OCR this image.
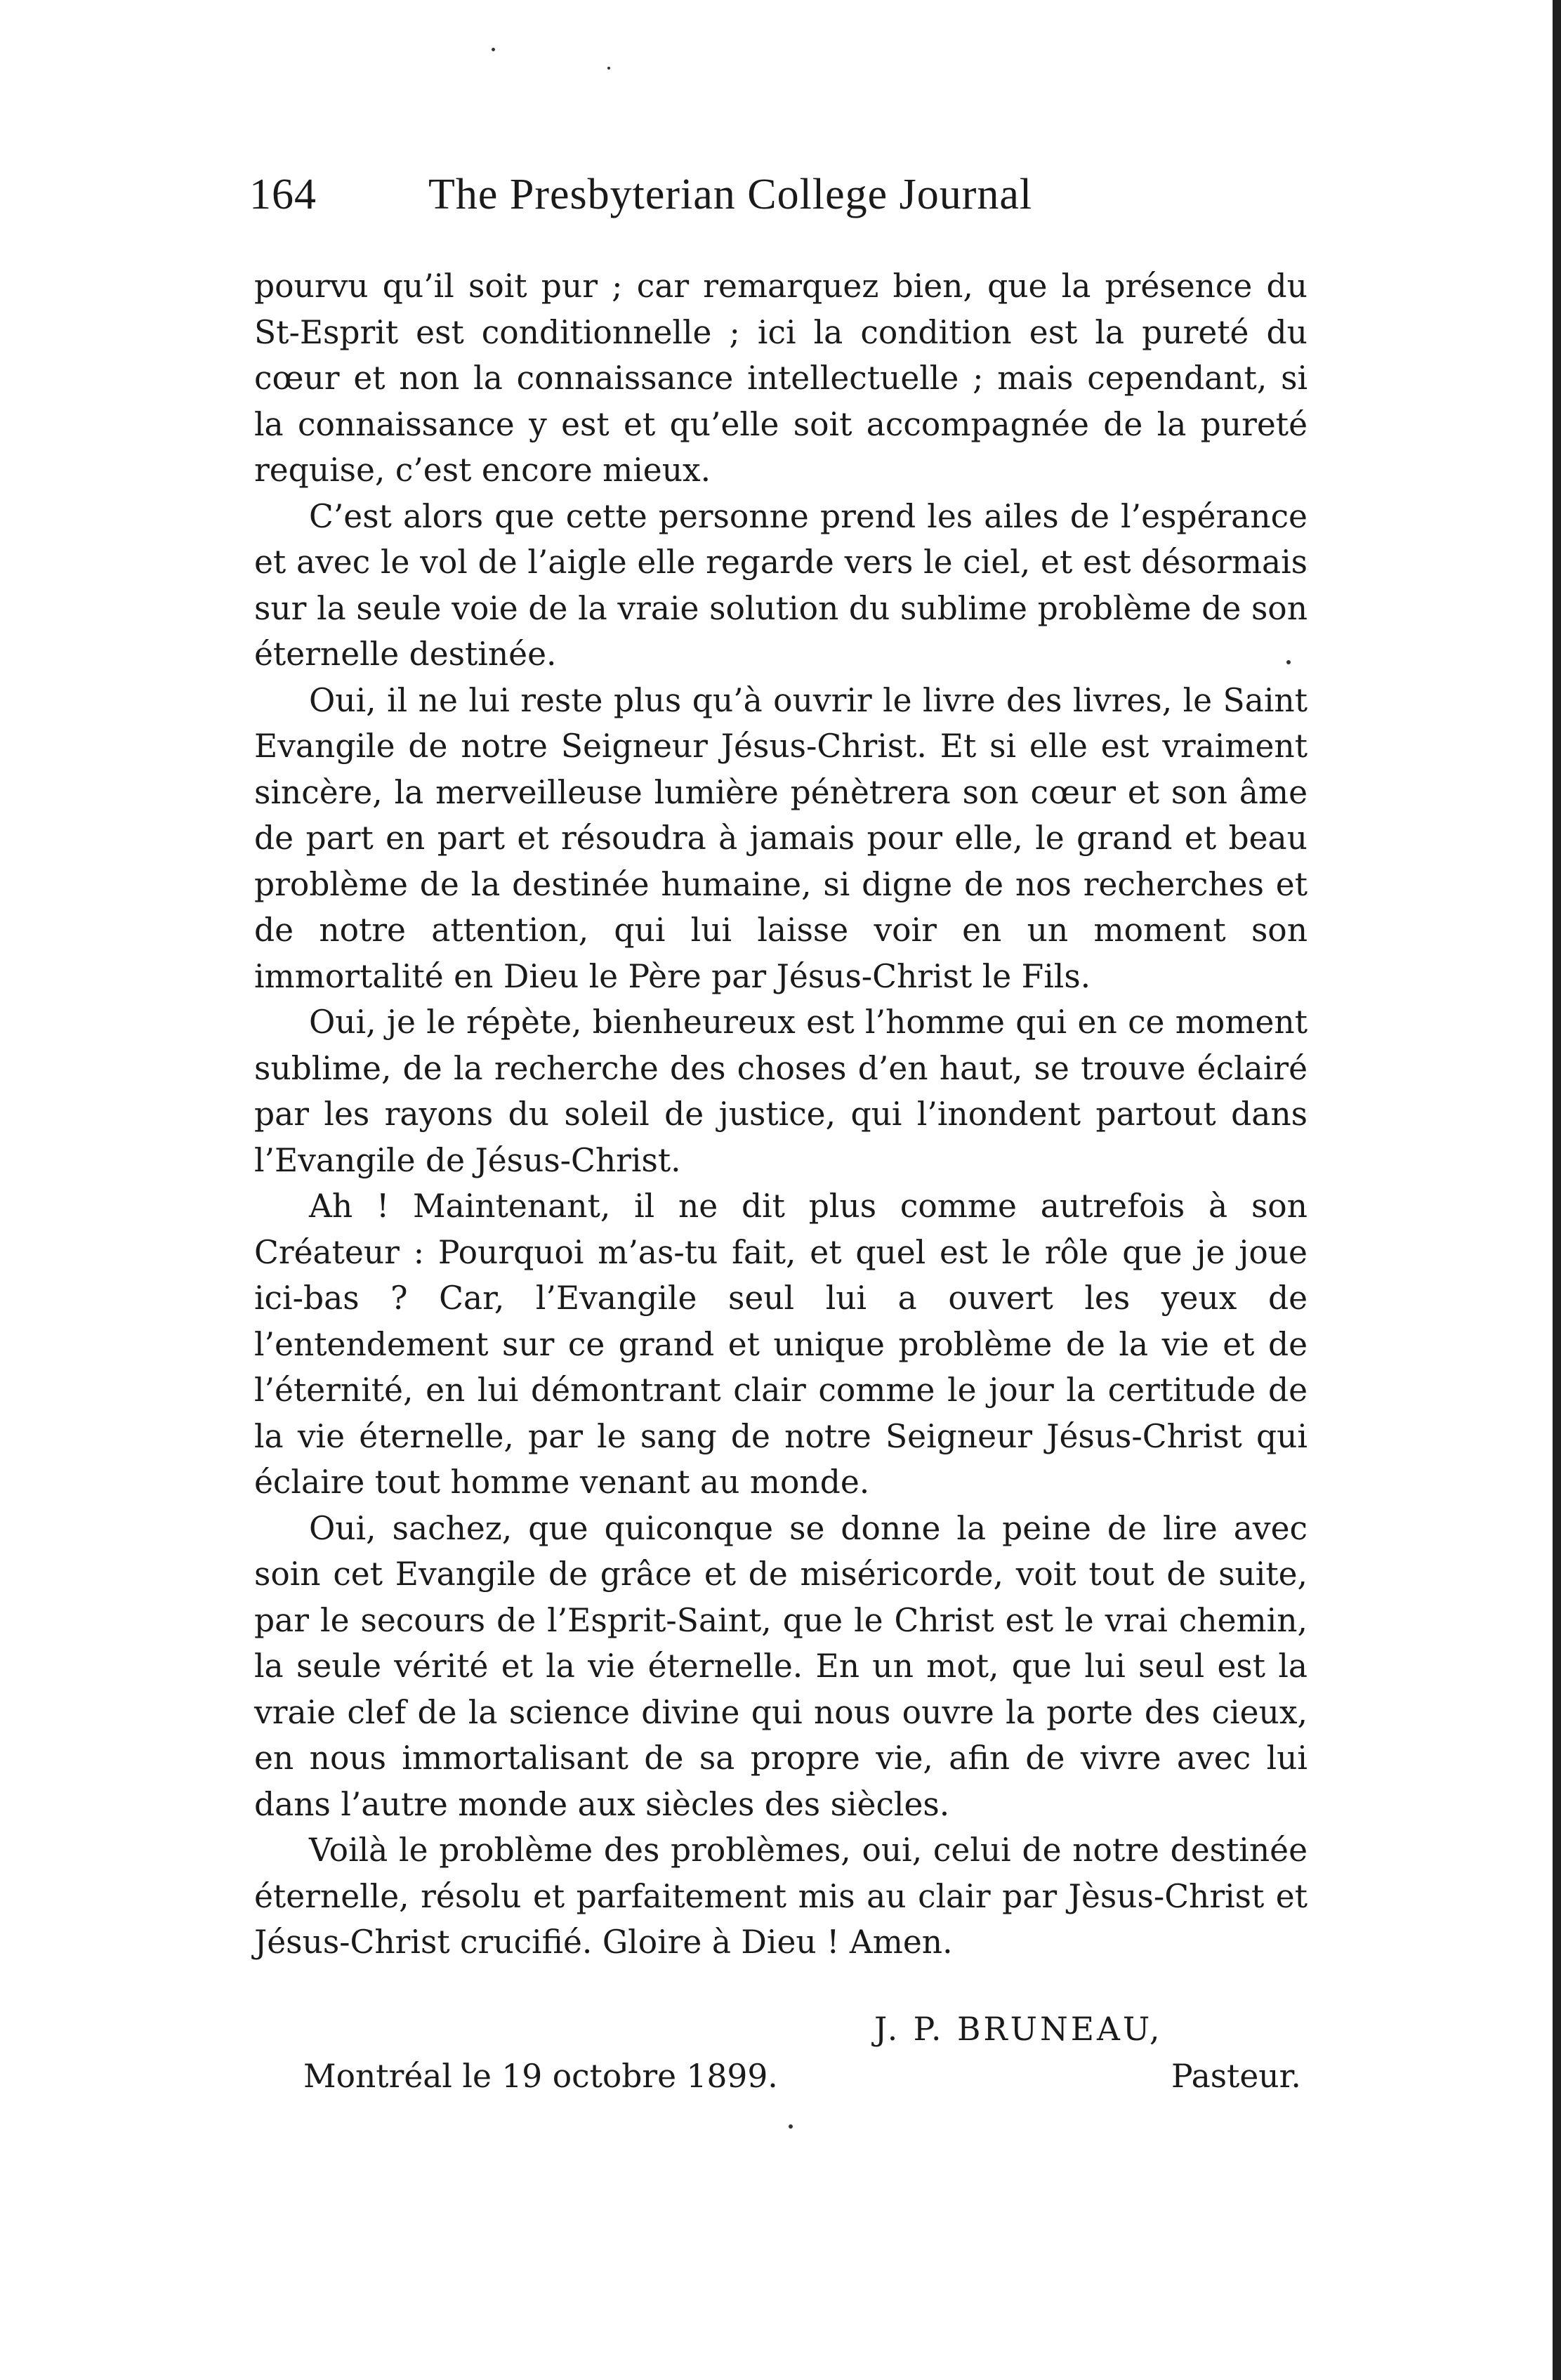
164	The Presbyterian College Journal

pourvu qu’il soit pur ; car remarquez bien, que la présence du St-Esprit est conditionnelle ; ici la condition est la pureté du cœur et non la connaissance intellectuelle ; mais cependant, si la connaissance y est et qu’elle soit accompagnée de la pureté requise, c’est encore mieux.

C’est alors que cette personne prend les ailes de l’espérance et avec le vol de l’aigle elle regarde vers le ciel, et est désormais sur la seule voie de la vraie solution du sublime problème de son éternelle destinée.

Oui, il ne lui reste plus qu’à ouvrir le livre des livres, le Saint Evangile de notre Seigneur Jésus-Christ. Et si elle est vraiment sincère, la merveilleuse lumière pénètrera son cœur et son âme de part en part et résoudra à jamais pour elle, le grand et beau problème de la destinée humaine, si digne de nos recherches et de notre attention, qui lui laisse voir en un moment son immortalité en Dieu le Père par Jésus-Christ le Fils.

Oui, je le répète, bienheureux est l’homme qui en ce moment sublime, de la recherche des choses d’en haut, se trouve éclairé par les rayons du soleil de justice, qui l’inondent partout dans l’Evangile de Jésus-Christ.

Ah ! Maintenant, il ne dit plus comme autrefois à son Créateur : Pourquoi m’as-tu fait, et quel est le rôle que je joue ici-bas ? Car, l’Evangile seul lui a ouvert les yeux de l’entendement sur ce grand et unique problème de la vie et de l’éternité, en lui démontrant clair comme le jour la certitude de la vie éternelle, par le sang de notre Seigneur Jésus-Christ qui éclaire tout homme venant au monde.

Oui, sachez, que quiconque se donne la peine de lire avec soin cet Evangile de grâce et de miséricorde, voit tout de suite, par le secours de l’Esprit-Saint, que le Christ est le vrai chemin, la seule vérité et la vie éternelle. En un mot, que lui seul est la vraie clef de la science divine qui nous ouvre la porte des cieux, en nous immortalisant de sa propre vie, afin de vivre avec lui dans l’autre monde aux siècles des siècles.

Voilà le problème des problèmes, oui, celui de notre destinée éternelle, résolu et parfaitement mis au clair par Jèsus-Christ et Jésus-Christ crucifié. Gloire à Dieu ! Amen.

J. P. BRUNEAU,
Montréal le 19 octobre 1899.	Pasteur.
